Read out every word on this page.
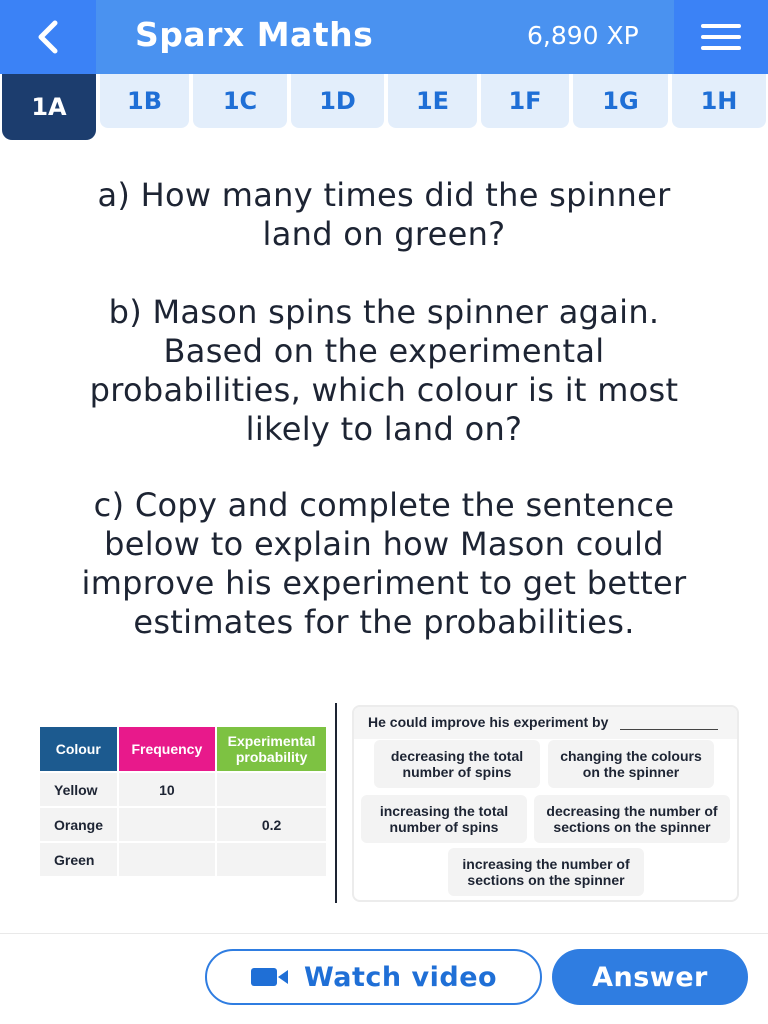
Sparx Maths	6,890 XP
1A	1B	1C	1D	1E	1F	1G	1H
a) How many times did the spinner
land on green?
b) Mason spins the spinner again.
Based on the experimental
probabilities, which colour is it most
likely to land on?
c) Copy and complete the sentence
below to explain how Mason could
improve his experiment to get better
estimates for the probabilities.
Colour	Frequency	Experimental probability
Yellow	10	
Orange		0.2
Green		
He could improve his experiment by
decreasing the total
number of spins
changing the colours
on the spinner
increasing the total
number of spins
decreasing the number of
sections on the spinner
increasing the number of
sections on the spinner
Watch video	Answer
